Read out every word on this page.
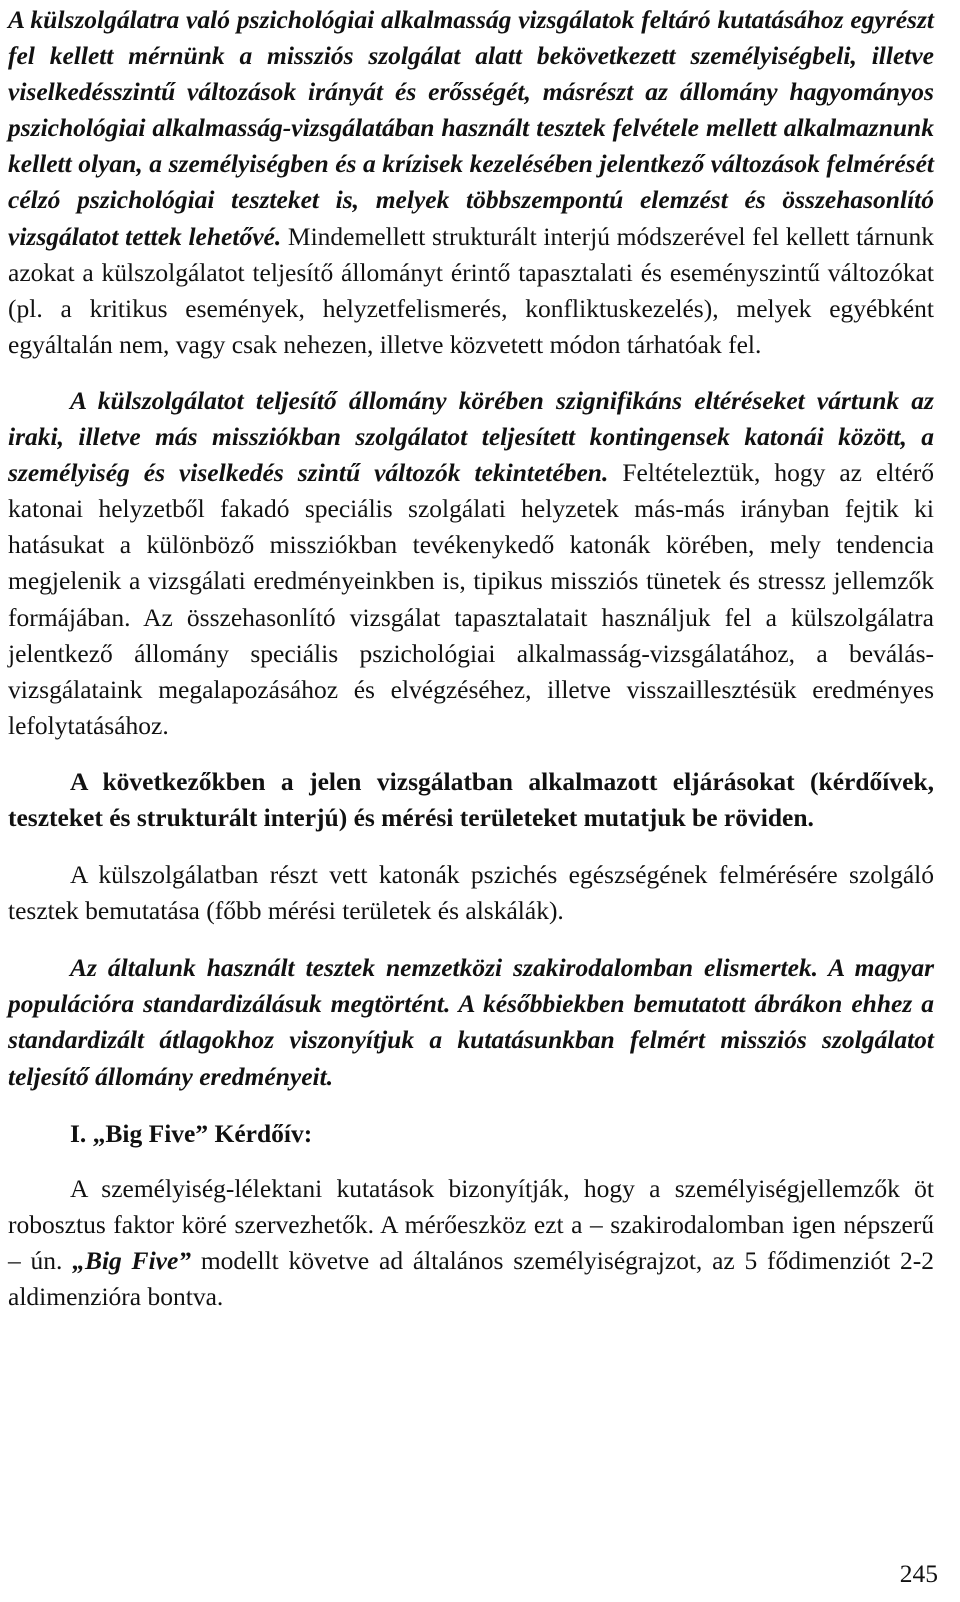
A külszolgálatra való pszichológiai alkalmasság vizsgálatok feltáró kutatásához egyrészt fel kellett mérnünk a missziós szolgálat alatt bekövetkezett személyiségbeli, illetve viselkedésszintű változások irányát és erősségét, másrészt az állomány hagyományos pszichológiai alkalmasság-vizsgálatában használt tesztek felvétele mellett alkalmaznunk kellett olyan, a személyiségben és a krízisek kezelésében jelentkező változások felmérését célzó pszichológiai teszteket is, melyek többszempontú elemzést és összehasonlító vizsgálatot tettek lehetővé. Mindemellett strukturált interjú módszerével fel kellett tárnunk azokat a külszolgálatot teljesítő állományt érintő tapasztalati és eseményszintű változókat (pl. a kritikus események, helyzetfelismerés, konfliktuskezelés), melyek egyébként egyáltalán nem, vagy csak nehezen, illetve közvetett módon tárhatóak fel.

A külszolgálatot teljesítő állomány körében szignifikáns eltéréseket vártunk az iraki, illetve más missziókban szolgálatot teljesített kontingensek katonái között, a személyiség és viselkedés szintű változók tekintetében. Feltételeztük, hogy az eltérő katonai helyzetből fakadó speciális szolgálati helyzetek más-más irányban fejtik ki hatásukat a különböző missziókban tevékenykedő katonák körében, mely tendencia megjelenik a vizsgálati eredményeinkben is, tipikus missziós tünetek és stressz jellemzők formájában. Az összehasonlító vizsgálat tapasztalatait használjuk fel a külszolgálatra jelentkező állomány speciális pszichológiai alkalmasság-vizsgálatához, a beválás-vizsgálataink megalapozásához és elvégzéséhez, illetve visszaillesztésük eredményes lefolytatásához.

A következőkben a jelen vizsgálatban alkalmazott eljárásokat (kérdőívek, teszteket és strukturált interjú) és mérési területeket mutatjuk be röviden.

A külszolgálatban részt vett katonák pszichés egészségének felmérésére szolgáló tesztek bemutatása (főbb mérési területek és alskálák).

Az általunk használt tesztek nemzetközi szakirodalomban elismertek. A magyar populációra standardizálásuk megtörtént. A későbbiekben bemutatott ábrákon ehhez a standardizált átlagokhoz viszonyítjuk a kutatásunkban felmért missziós szolgálatot teljesítő állomány eredményeit.

I. „Big Five” Kérdőív:

A személyiség-lélektani kutatások bizonyítják, hogy a személyiségjellemzők öt robosztus faktor köré szervezhetők. A mérőeszköz ezt a – szakirodalomban igen népszerű – ún. „Big Five” modellt követve ad általános személyiségrajzot, az 5 fődimenziót 2-2 aldimenzióra bontva.

245
